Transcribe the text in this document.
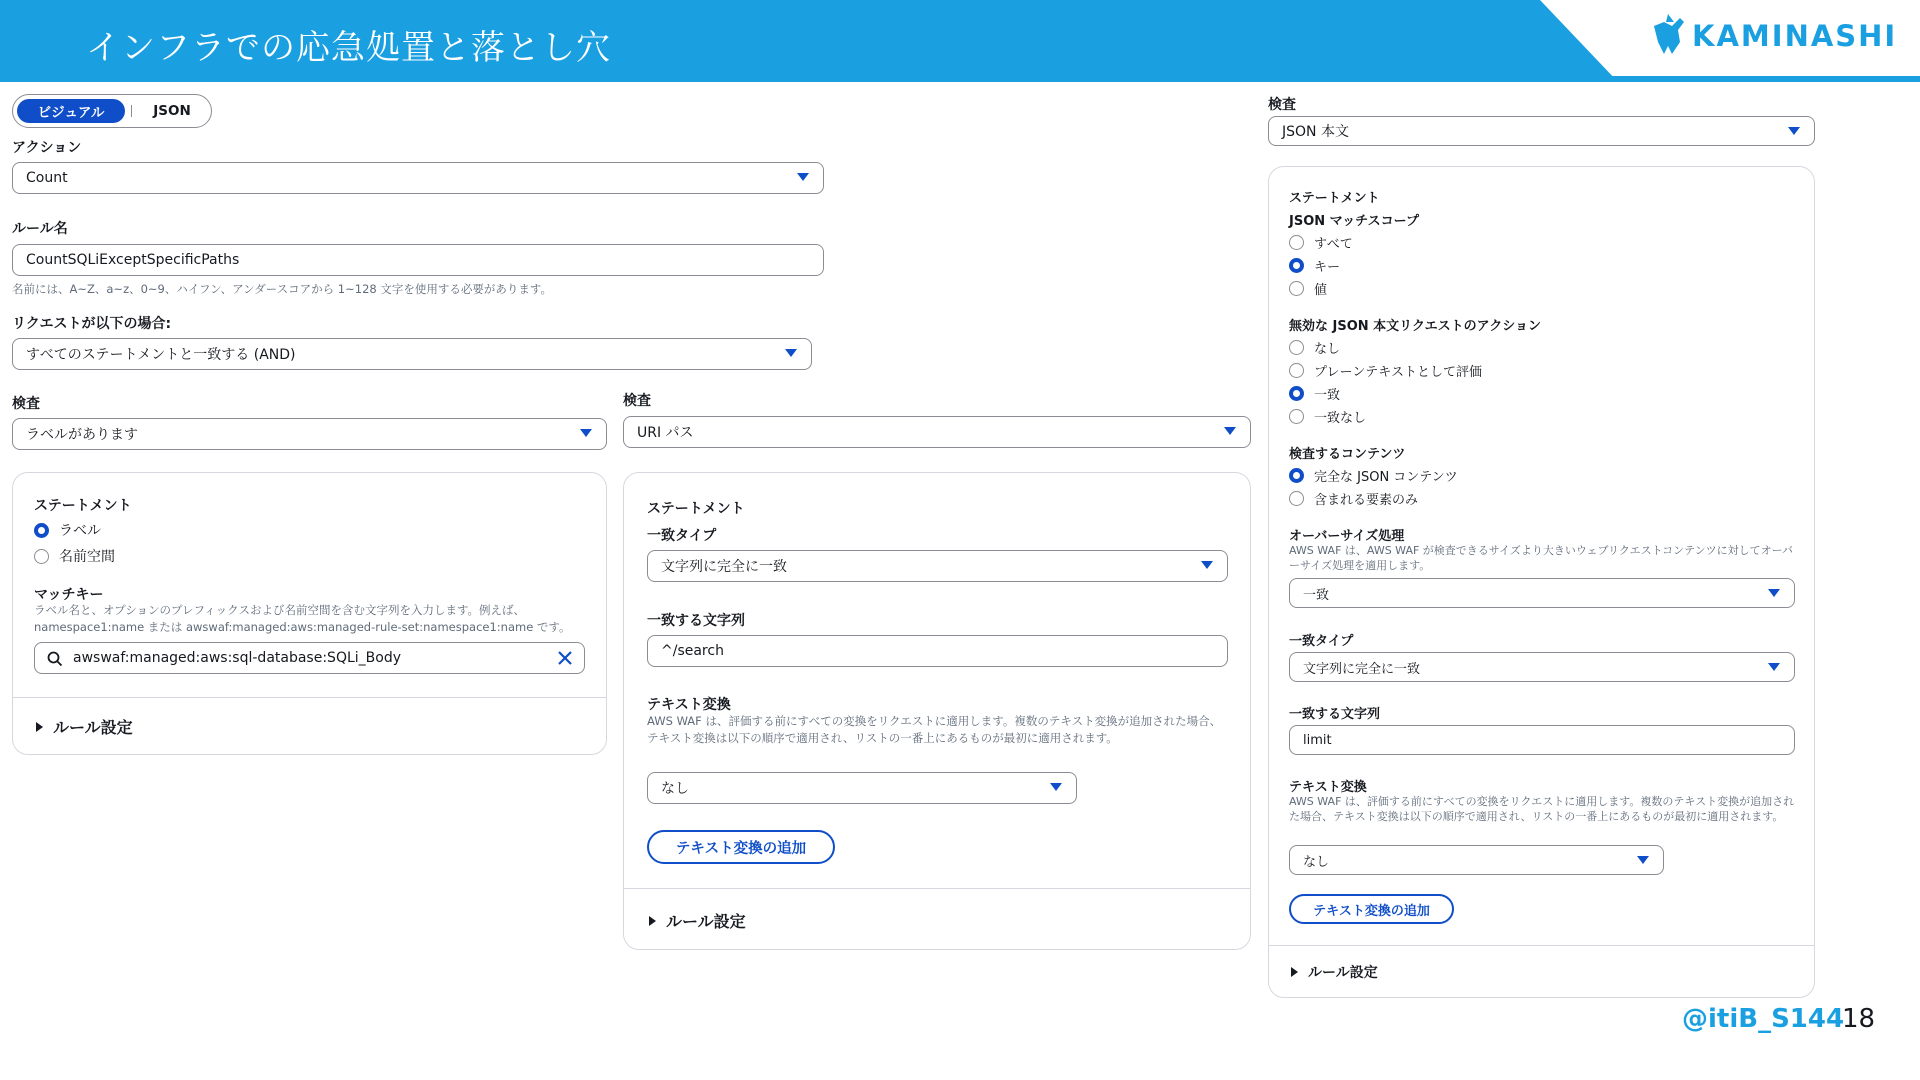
インフラでの応急処置と落とし穴	KAMINASHI
ビジュアル	JSON
アクション
Count
ルール名
CountSQLiExceptSpecificPaths
名前には、A~Z、a~z、0~9、ハイフン、アンダースコアから 1~128 文字を使用する必要があります。
リクエストが以下の場合:
すべてのステートメントと一致する (AND)
検査
ラベルがあります
ステートメント
ラベル
名前空間
マッチキー
ラベル名と、オプションのプレフィックスおよび名前空間を含む文字列を入力します。例えば、namespace1:name または awswaf:managed:aws:managed-rule-set:namespace1:name です。
awswaf:managed:aws:sql-database:SQLi_Body
ルール設定
検査
URI パス
ステートメント
一致タイプ
文字列に完全に一致
一致する文字列
^/search
テキスト変換
AWS WAF は、評価する前にすべての変換をリクエストに適用します。複数のテキスト変換が追加された場合、テキスト変換は以下の順序で適用され、リストの一番上にあるものが最初に適用されます。
なし
テキスト変換の追加
ルール設定
検査
JSON 本文
ステートメント
JSON マッチスコープ
すべて
キー
値
無効な JSON 本文リクエストのアクション
なし
プレーンテキストとして評価
一致
一致なし
検査するコンテンツ
完全な JSON コンテンツ
含まれる要素のみ
オーバーサイズ処理
AWS WAF は、AWS WAF が検査できるサイズより大きいウェブリクエストコンテンツに対してオーバーサイズ処理を適用します。
一致
一致タイプ
文字列に完全に一致
一致する文字列
limit
テキスト変換
AWS WAF は、評価する前にすべての変換をリクエストに適用します。複数のテキスト変換が追加された場合、テキスト変換は以下の順序で適用され、リストの一番上にあるものが最初に適用されます。
なし
テキスト変換の追加
ルール設定
@itiB_S144
18
